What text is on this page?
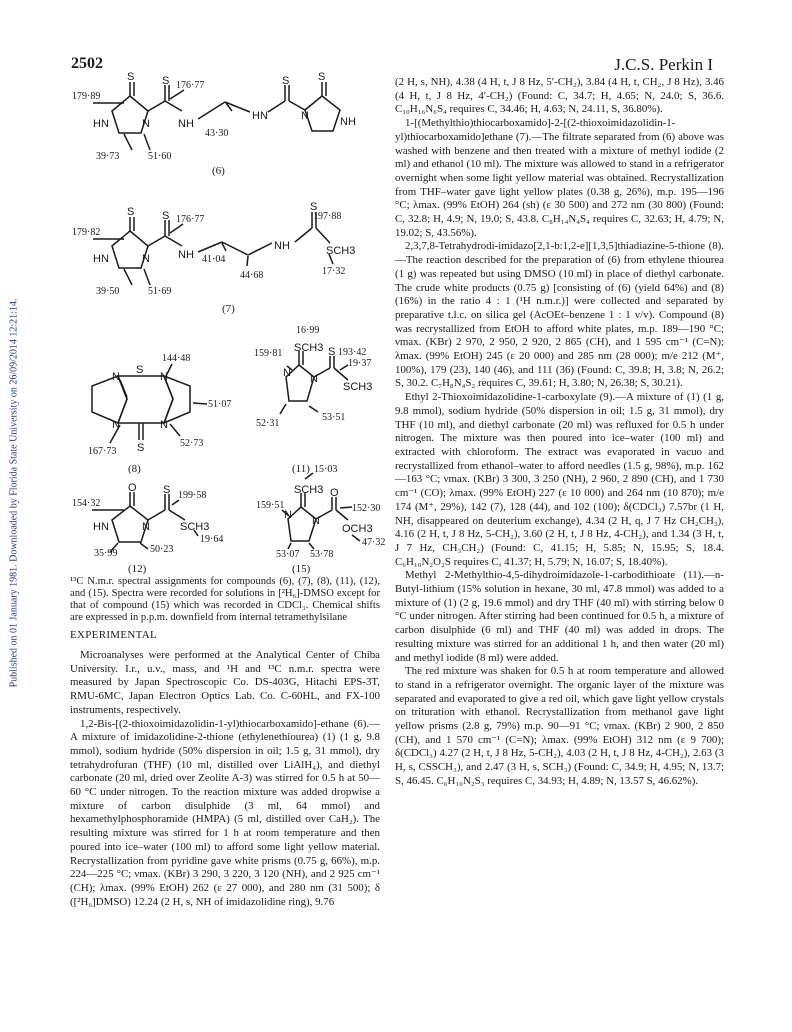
2502	J.C.S. Perkin I
Published on 01 January 1981. Downloaded by Florida State University on 26/09/2014 12:21:14.
S	S	S	S
HN	N	NH
HN	N	NH
179·89
176·77
43·30
39·73	51·60
(6)
S	S
S
HN	N	NH
NH	SCH3
179·82
176·77	197·88
41·04
44·68	17·32
39·50	51·69
(7)
N
S
N
N	N
S
144·48
51·07
167·73
52·73
(8)
SCH3
N
S
N
SCH3
16·99
159·81	193·42
19·37
52·31
53·51
(11)
O S
HN	N	SCH3
154·32
199·58
19·64
35·99	50·23
(12)
SCH3
N
O
N
OCH3
15·03
159·51	152·30
47·32
53·07 53·78
(15)
¹³C N.m.r. spectral assignments for compounds (6), (7), (8), (11), (12), and (15). Spectra were recorded for solutions in [²H₆]-DMSO except for that of compound (15) which was recorded in CDCl₃. Chemical shifts are expressed in p.p.m. downfield from internal tetramethylsilane
EXPERIMENTAL

Microanalyses were performed at the Analytical Center of Chiba University. I.r., u.v., mass, and ¹H and ¹³C n.m.r. spectra were measured by Japan Spectroscopic Co. DS-403G, Hitachi EPS-3T, RMU-6MC, Japan Electron Optics Lab. Co. C-60HL, and FX-100 instruments, respectively.

1,2-Bis-[(2-thioxoimidazolidin-1-yl)thiocarboxamido]-ethane (6).—A mixture of imidazolidine-2-thione (ethylenethiourea) (1) (1 g, 9.8 mmol), sodium hydride (50% dispersion in oil; 1.5 g, 31 mmol), dry tetrahydrofuran (THF) (10 ml, distilled over LiAlH₄), and diethyl carbonate (20 ml, dried over Zeolite A-3) was stirred for 0.5 h at 50—60 °C under nitrogen. To the reaction mixture was added dropwise a mixture of carbon disulphide (3 ml, 64 mmol) and hexamethylphosphoramide (HMPA) (5 ml, distilled over CaH₂). The resulting mixture was stirred for 1 h at room temperature and then poured into ice–water (100 ml) to afford some light yellow material. Recrystallization from pyridine gave white prisms (0.75 g, 66%), m.p. 224—225 °C; νmax. (KBr) 3 290, 3 220, 3 120 (NH), and 2 925 cm⁻¹ (CH); λmax. (99% EtOH) 262 (ε 27 000), and 280 nm (31 500); δ ([²H₆]DMSO) 12.24 (2 H, s, NH of imidazolidine ring), 9.76

(2 H, s, NH), 4.38 (4 H, t, J 8 Hz, 5′-CH₂), 3.84 (4 H, t, CH₂, J 8 Hz), 3.46 (4 H, t, J 8 Hz, 4′-CH₂) (Found: C, 34.7; H, 4.65; N, 24.0; S, 36.6. C₁₀H₁₆N₆S₄ requires C, 34.46; H, 4.63; N, 24.11, S, 36.80%).

1-[(Methylthio)thiocarboxamido]-2-[(2-thioxoimidazolidin-1-yl)thiocarboxamido]ethane (7).—The filtrate separated from (6) above was washed with benzene and then treated with a mixture of methyl iodide (2 ml) and ethanol (10 ml). The mixture was allowed to stand in a refrigerator overnight when some light yellow material was obtained. Recrystallization from THF–water gave light yellow plates (0.38 g, 26%), m.p. 195—196 °C; λmax. (99% EtOH) 264 (sh) (ε 30 500) and 272 nm (30 800) (Found: C, 32.8; H, 4.9; N, 19.0; S, 43.8. C₈H₁₄N₄S₄ requires C, 32.63; H, 4.79; N, 19.02; S, 43.56%).

2,3,7,8-Tetrahydrodi-imidazo[2,1-b:1,2-e][1,3,5]thiadiazine-5-thione (8).—The reaction described for the preparation of (6) from ethylene thiourea (1 g) was repeated but using DMSO (10 ml) in place of diethyl carbonate. The crude white products (0.75 g) [consisting of (6) (yield 64%) and (8) (16%) in the ratio 4 : 1 (¹H n.m.r.)] were collected and separated by preparative t.l.c. on silica gel (AcOEt–benzene 1 : 1 v/v). Compound (8) was recrystallized from EtOH to afford white plates, m.p. 189—190 °C; νmax. (KBr) 2 970, 2 950, 2 920, 2 865 (CH), and 1 595 cm⁻¹ (C=N); λmax. (99% EtOH) 245 (ε 20 000) and 285 nm (28 000); m/e 212 (M⁺, 100%), 179 (23), 140 (46), and 111 (36) (Found: C, 39.8; H, 3.8; N, 26.2; S, 30.2. C₇H₈N₄S₂ requires C, 39.61; H, 3.80; N, 26.38; S, 30.21).

Ethyl 2-Thioxoimidazolidine-1-carboxylate (9).—A mixture of (1) (1 g, 9.8 mmol), sodium hydride (50% dispersion in oil; 1.5 g, 31 mmol), dry THF (10 ml), and diethyl carbonate (20 ml) was refluxed for 0.5 h under nitrogen. The mixture was then poured into ice–water (100 ml) and extracted with chloroform. The extract was evaporated in vacuo and recrystallized from ethanol–water to afford needles (1.5 g, 98%), m.p. 162—163 °C; νmax. (KBr) 3 300, 3 250 (NH), 2 960, 2 890 (CH), and 1 730 cm⁻¹ (CO); λmax. (99% EtOH) 227 (ε 10 000) and 264 nm (10 870); m/e 174 (M⁺, 29%), 142 (7), 128 (44), and 102 (100); δ(CDCl₃) 7.57br (1 H, NH, disappeared on deuterium exchange), 4.34 (2 H, q, J 7 Hz CH₂CH₃), 4.16 (2 H, t, J 8 Hz, 5-CH₂), 3.60 (2 H, t, J 8 Hz, 4-CH₂), and 1.34 (3 H, t, J 7 Hz, CH₃CH₂) (Found: C, 41.15; H, 5.85; N, 15.95; S, 18.4. C₆H₁₀N₂O₂S requires C, 41.37; H, 5.79; N, 16.07; S, 18.40%).

Methyl 2-Methylthio-4,5-dihydroimidazole-1-carbodithioate (11).—n-Butyl-lithium (15% solution in hexane, 30 ml, 47.8 mmol) was added to a mixture of (1) (2 g, 19.6 mmol) and dry THF (40 ml) with stirring below 0 °C under nitrogen. After stirring had been continued for 0.5 h, a mixture of carbon disulphide (6 ml) and THF (40 ml) was added in drops. The resulting mixture was stirred for an additional 1 h, and then water (20 ml) and methyl iodide (8 ml) were added.

The red mixture was shaken for 0.5 h at room temperature and allowed to stand in a refrigerator overnight. The organic layer of the mixture was separated and evaporated to give a red oil, which gave light yellow crystals on trituration with ethanol. Recrystallization from methanol gave light yellow prisms (2.8 g, 79%) m.p. 90—91 °C; νmax. (KBr) 2 900, 2 850 (CH), and 1 570 cm⁻¹ (C=N); λmax. (99% EtOH) 312 nm (ε 9 700); δ(CDCl₃) 4.27 (2 H, t, J 8 Hz, 5-CH₂), 4.03 (2 H, t, J 8 Hz, 4-CH₂), 2.63 (3 H, s, CSSCH₃), and 2.47 (3 H, s, SCH₃) (Found: C, 34.9; H, 4.95; N, 13.7; S, 46.45. C₆H₁₀N₂S₃ requires C, 34.93; H, 4.89; N, 13.57 S, 46.62%).
